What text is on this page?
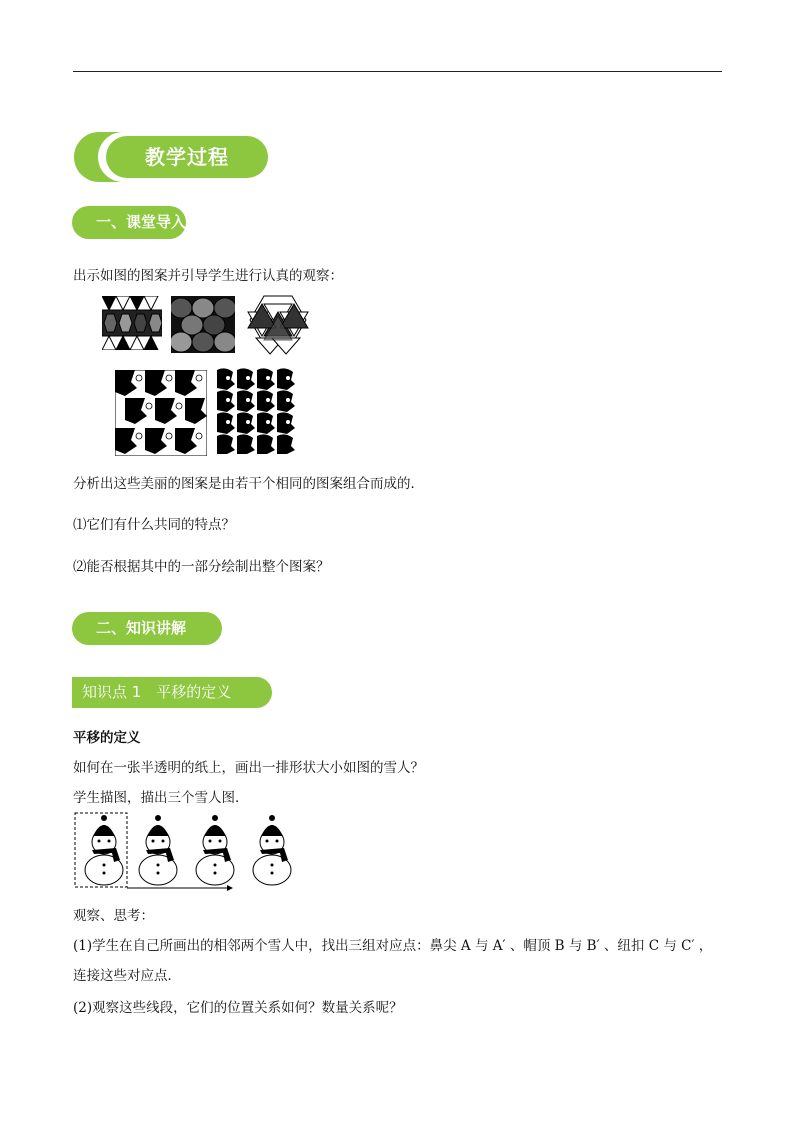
教学过程
一、课堂导入
出示如图的图案并引导学生进行认真的观察：
分析出这些美丽的图案是由若干个相同的图案组合而成的．
⑴它们有什么共同的特点？
⑵能否根据其中的一部分绘制出整个图案？
二、知识讲解
知识点 1　平移的定义
平移的定义
如何在一张半透明的纸上，画出一排形状大小如图的雪人？
学生描图，描出三个雪人图．
观察、思考：
(1)学生在自己所画出的相邻两个雪人中，找出三组对应点：鼻尖 A 与 A′ 、帽顶 B 与 B′ 、纽扣 C 与 C′ ，
连接这些对应点．
(2)观察这些线段，它们的位置关系如何？数量关系呢？
